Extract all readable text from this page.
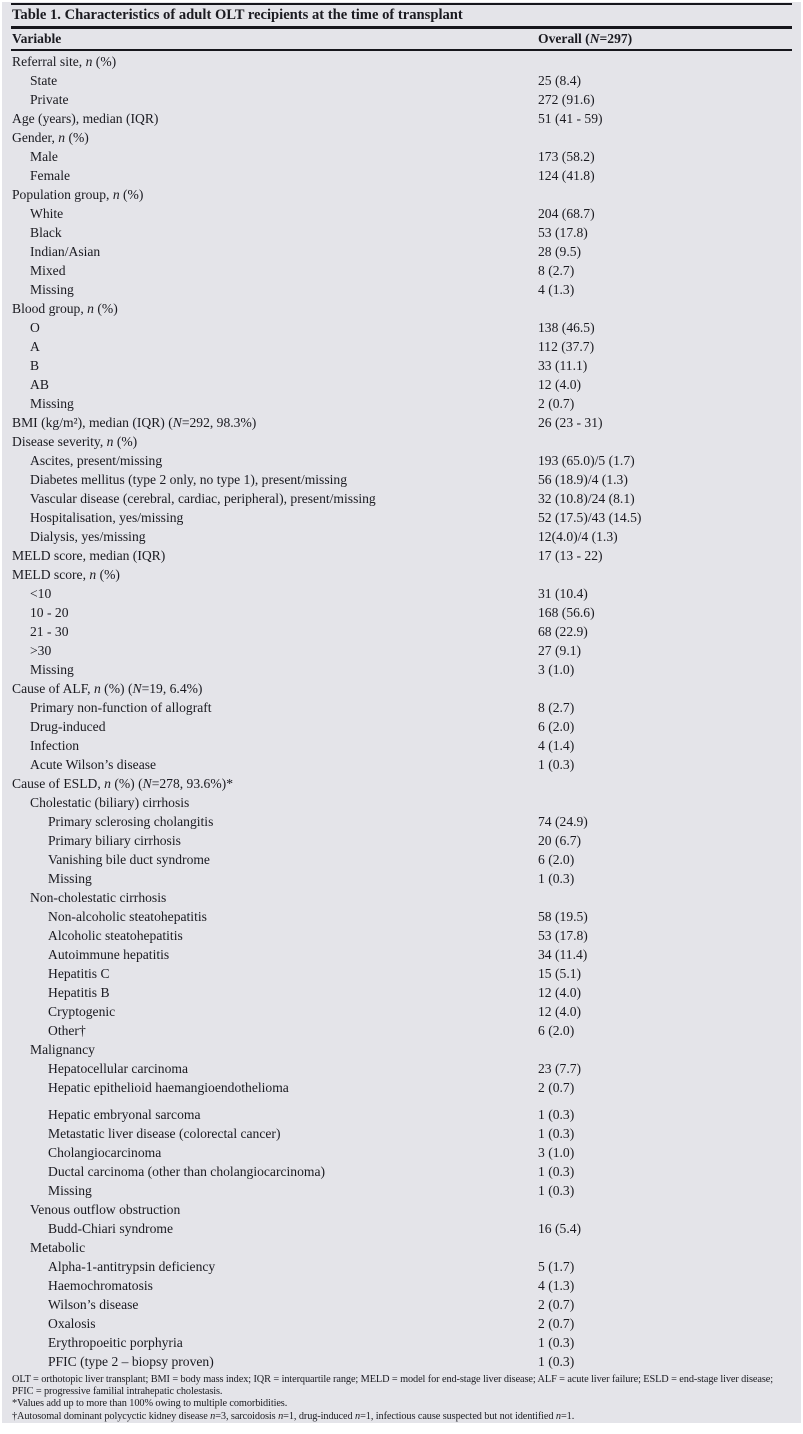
Table 1. Characteristics of adult OLT recipients at the time of transplant
Variable	Overall (N=297)
Referral site, n (%)
State	25 (8.4)
Private	272 (91.6)
Age (years), median (IQR)	51 (41 - 59)
Gender, n (%)
Male	173 (58.2)
Female	124 (41.8)
Population group, n (%)
White	204 (68.7)
Black	53 (17.8)
Indian/Asian	28 (9.5)
Mixed	8 (2.7)
Missing	4 (1.3)
Blood group, n (%)
O	138 (46.5)
A	112 (37.7)
B	33 (11.1)
AB	12 (4.0)
Missing	2 (0.7)
BMI (kg/m²), median (IQR) (N=292, 98.3%)	26 (23 - 31)
Disease severity, n (%)
Ascites, present/missing	193 (65.0)/5 (1.7)
Diabetes mellitus (type 2 only, no type 1), present/missing	56 (18.9)/4 (1.3)
Vascular disease (cerebral, cardiac, peripheral), present/missing	32 (10.8)/24 (8.1)
Hospitalisation, yes/missing	52 (17.5)/43 (14.5)
Dialysis, yes/missing	12(4.0)/4 (1.3)
MELD score, median (IQR)	17 (13 - 22)
MELD score, n (%)
<10	31 (10.4)
10 - 20	168 (56.6)
21 - 30	68 (22.9)
>30	27 (9.1)
Missing	3 (1.0)
Cause of ALF, n (%) (N=19, 6.4%)
Primary non-function of allograft	8 (2.7)
Drug-induced	6 (2.0)
Infection	4 (1.4)
Acute Wilson’s disease	1 (0.3)
Cause of ESLD, n (%) (N=278, 93.6%)*
Cholestatic (biliary) cirrhosis
Primary sclerosing cholangitis	74 (24.9)
Primary biliary cirrhosis	20 (6.7)
Vanishing bile duct syndrome	6 (2.0)
Missing	1 (0.3)
Non-cholestatic cirrhosis
Non-alcoholic steatohepatitis	58 (19.5)
Alcoholic steatohepatitis	53 (17.8)
Autoimmune hepatitis	34 (11.4)
Hepatitis C	15 (5.1)
Hepatitis B	12 (4.0)
Cryptogenic	12 (4.0)
Other†	6 (2.0)
Malignancy
Hepatocellular carcinoma	23 (7.7)
Hepatic epithelioid haemangioendothelioma	2 (0.7)
Hepatic embryonal sarcoma	1 (0.3)
Metastatic liver disease (colorectal cancer)	1 (0.3)
Cholangiocarcinoma	3 (1.0)
Ductal carcinoma (other than cholangiocarcinoma)	1 (0.3)
Missing	1 (0.3)
Venous outflow obstruction
Budd-Chiari syndrome	16 (5.4)
Metabolic
Alpha-1-antitrypsin deficiency	5 (1.7)
Haemochromatosis	4 (1.3)
Wilson’s disease	2 (0.7)
Oxalosis	2 (0.7)
Erythropoeitic porphyria	1 (0.3)
PFIC (type 2 – biopsy proven)	1 (0.3)
OLT = orthotopic liver transplant; BMI = body mass index; IQR = interquartile range; MELD = model for end-stage liver disease; ALF = acute liver failure; ESLD = end-stage liver disease; PFIC = progressive familial intrahepatic cholestasis.
*Values add up to more than 100% owing to multiple comorbidities.
†Autosomal dominant polycyctic kidney disease n=3, sarcoidosis n=1, drug-induced n=1, infectious cause suspected but not identified n=1.
